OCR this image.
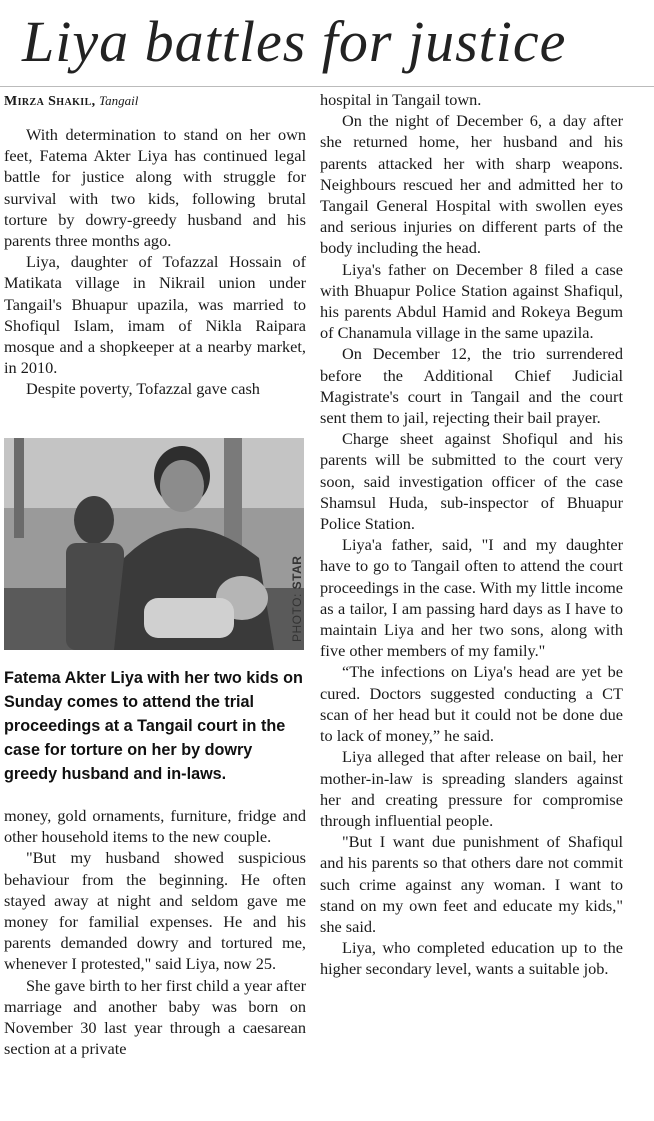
Liya battles for justice
Mirza Shakil, Tangail

With determination to stand on her own feet, Fatema Akter Liya has continued legal battle for justice along with struggle for survival with two kids, following brutal torture by dowry-greedy husband and his parents three months ago.

Liya, daughter of Tofazzal Hossain of Matikata village in Nikrail union under Tangail's Bhuapur upazila, was married to Shofiqul Islam, imam of Nikla Raipara mosque and a shopkeeper at a nearby market, in 2010.

Despite poverty, Tofazzal gave cash

PHOTO: STAR
Fatema Akter Liya with her two kids on Sunday comes to attend the trial proceedings at a Tangail court in the case for torture on her by dowry greedy husband and in-laws.

money, gold ornaments, furniture, fridge and other household items to the new couple.

"But my husband showed suspicious behaviour from the beginning. He often stayed away at night and seldom gave me money for familial expenses. He and his parents demanded dowry and tortured me, whenever I protested," said Liya, now 25.

She gave birth to her first child a year after marriage and another baby was born on November 30 last year through a caesarean section at a private

hospital in Tangail town.

On the night of December 6, a day after she returned home, her husband and his parents attacked her with sharp weapons. Neighbours rescued her and admitted her to Tangail General Hospital with swollen eyes and serious injuries on different parts of the body including the head.

Liya's father on December 8 filed a case with Bhuapur Police Station against Shafiqul, his parents Abdul Hamid and Rokeya Begum of Chanamula village in the same upazila.

On December 12, the trio surrendered before the Additional Chief Judicial Magistrate's court in Tangail and the court sent them to jail, rejecting their bail prayer.

Charge sheet against Shofiqul and his parents will be submitted to the court very soon, said investigation officer of the case Shamsul Huda, sub-inspector of Bhuapur Police Station.

Liya'a father, said, "I and my daughter have to go to Tangail often to attend the court proceedings in the case. With my little income as a tailor, I am passing hard days as I have to maintain Liya and her two sons, along with five other members of my family."

“The infections on Liya's head are yet be cured. Doctors suggested conducting a CT scan of her head but it could not be done due to lack of money,” he said.

Liya alleged that after release on bail, her mother-in-law is spreading slanders against her and creating pressure for compromise through influential people.

"But I want due punishment of Shafiqul and his parents so that others dare not commit such crime against any woman. I want to stand on my own feet and educate my kids," she said.

Liya, who completed education up to the higher secondary level, wants a suitable job.
